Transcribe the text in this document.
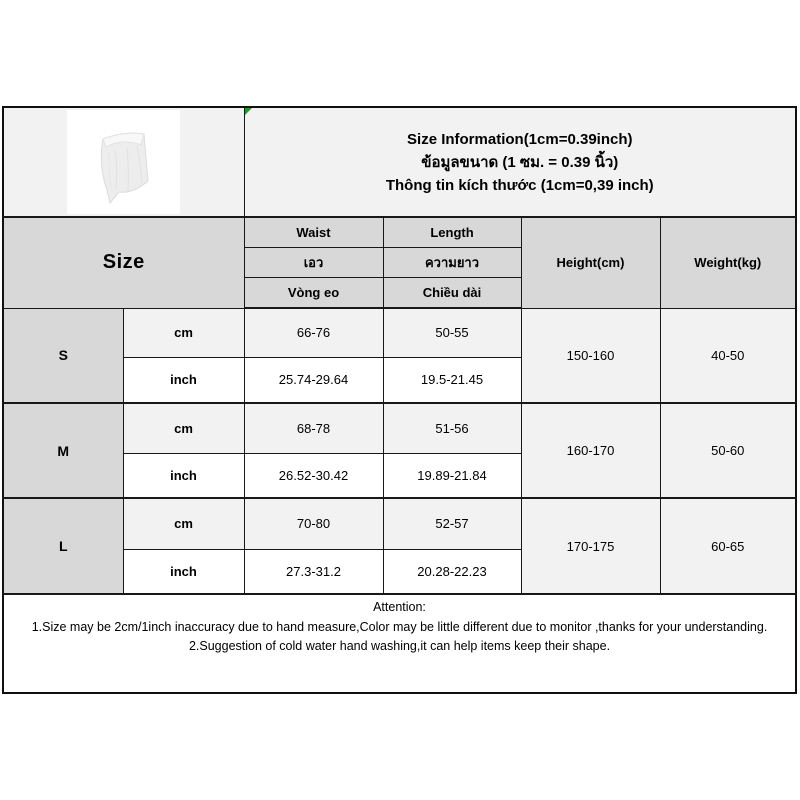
Size Information(1cm=0.39inch)
ข้อมูลขนาด (1 ซม. = 0.39 นิ้ว)
Thông tin kích thước (1cm=0,39 inch)			

Size		Waist	Length	Height(cm)	Weight(kg)
		เอว	ความยาว		
		Vòng eo	Chiều dài		
S	cm	66-76	50-55	150-160	40-50
	inch	25.74-29.64	19.5-21.45		
M	cm	68-78	51-56	160-170	50-60
	inch	26.52-30.42	19.89-21.84		
L	cm	70-80	52-57	170-175	60-65
	inch	27.3-31.2	20.28-22.23		

Attention:
1.Size may be 2cm/1inch inaccuracy due to hand measure,Color may be little different due to monitor ,thanks for your understanding.
2.Suggestion of cold water hand washing,it can help items keep their shape.					
